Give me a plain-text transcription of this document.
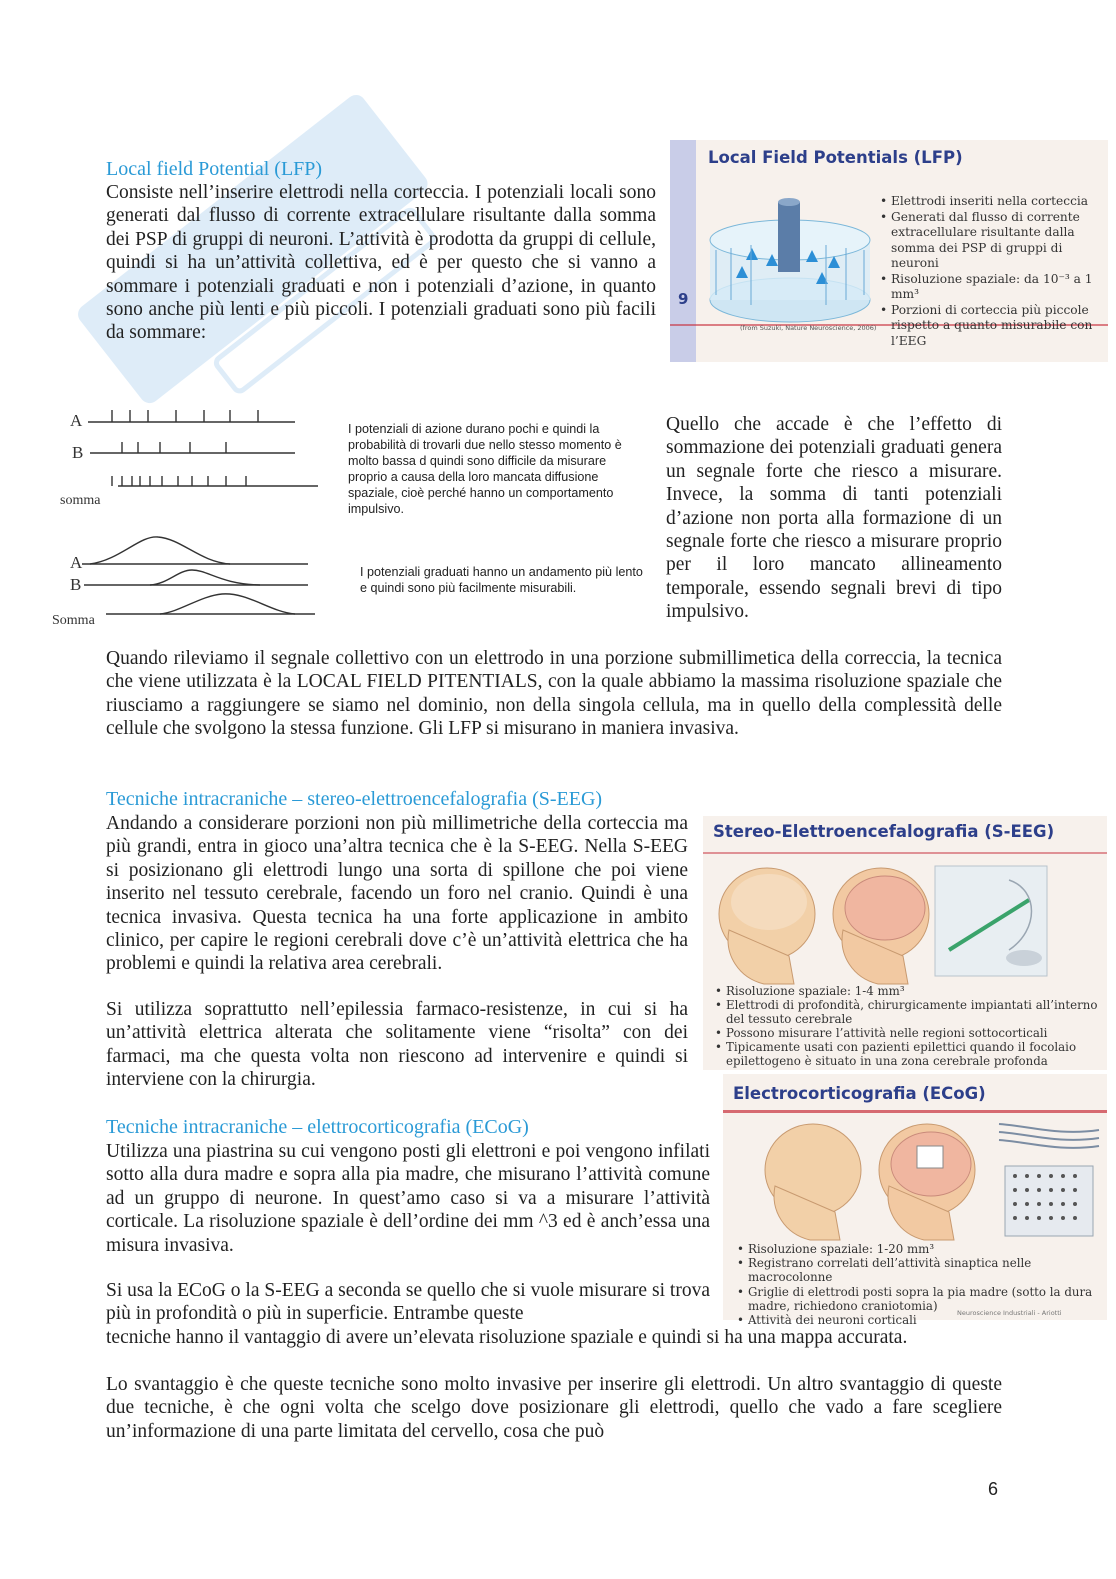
Local field Potential (LFP)

Consiste nell’inserire elettrodi nella corteccia. I potenziali locali sono generati dal flusso di corrente extracellulare risultante dalla somma dei PSP di gruppi di neuroni. L’attività è prodotta da gruppi di cellule, quindi si ha un’attività collettiva, ed è per questo che si vanno a sommare i potenziali graduati e non i potenziali d’azione, in quanto sono anche più lenti e più piccoli. I potenziali graduati sono più facili da sommare:

Local Field Potentials (LFP)
9
(from Suzuki, Nature Neuroscience, 2006)
• Elettrodi inseriti nella corteccia
• Generati dal flusso di corrente extracellulare risultante dalla somma dei PSP di gruppi di neuroni
• Risoluzione spaziale: da 10⁻³ a 1 mm³
• Porzioni di corteccia più piccole rispetto a quanto misurabile con l’EEG
A
B
somma
A
B
Somma
I potenziali di azione durano pochi e quindi la probabilità di trovarli due nello stesso momento è molto bassa d quindi sono difficile da misurare proprio a causa della loro mancata diffusione spaziale, cioè perché hanno un comportamento impulsivo.
I potenziali graduati hanno un andamento più lento e quindi sono più facilmente misurabili.

Quello che accade è che l’effetto di sommazione dei potenziali graduati genera un segnale forte che riesco a misurare. Invece, la somma di tanti potenziali d’azione non porta alla formazione di un segnale forte che riesco a misurare proprio per il loro mancato allineamento temporale, essendo segnali brevi di tipo impulsivo.

Quando rileviamo il segnale collettivo con un elettrodo in una porzione submillimetica della correccia, la tecnica che viene utilizzata è la LOCAL FIELD PITENTIALS, con la quale abbiamo la massima risoluzione spaziale che riusciamo a raggiungere se siamo nel dominio, non della singola cellula, ma in quello della complessità delle cellule che svolgono la stessa funzione. Gli LFP si misurano in maniera invasiva.

Tecniche intracraniche – stereo-elettroencefalografia (S-EEG)

Andando a considerare porzioni non più millimetriche della corteccia ma più grandi, entra in gioco una’altra tecnica che è la S-EEG. Nella S-EEG si posizionano gli elettrodi lungo una sorta di spillone che poi viene inserito nel tessuto cerebrale, facendo un foro nel cranio. Quindi è una tecnica invasiva. Questa tecnica ha una forte applicazione in ambito clinico, per capire le regioni cerebrali dove c’è un’attività elettrica che ha problemi e quindi la relativa area cerebrali.

Si utilizza soprattutto nell’epilessia farmaco-resistenze, in cui si ha un’attività elettrica alterata che solitamente viene “risolta” con dei farmaci, ma che questa volta non riescono ad intervenire e quindi si interviene con la chirurgia.

Stereo-Elettroencefalografia (S-EEG)
• Risoluzione spaziale: 1-4 mm³
• Elettrodi di profondità, chirurgicamente impiantati all’interno del tessuto cerebrale
• Possono misurare l’attività nelle regioni sottocorticali
• Tipicamente usati con pazienti epilettici quando il focolaio epilettogeno è situato in una zona cerebrale profonda
Tecniche intracraniche – elettrocorticografia (ECoG)

Utilizza una piastrina su cui vengono posti gli elettroni e poi vengono infilati sotto alla dura madre e sopra alla pia madre, che misurano l’attività comune ad un gruppo di neurone. In quest’amo caso si va a misurare l’attività corticale. La risoluzione spaziale è dell’ordine dei mm ^3 ed è anch’essa una misura invasiva.

Si usa la ECoG o la S-EEG a seconda se quello che si vuole misurare si trova più in profondità o più in superficie. Entrambe queste

tecniche hanno il vantaggio di avere un’elevata risoluzione spaziale e quindi si ha una mappa accurata.

Lo svantaggio è che queste tecniche sono molto invasive per inserire gli elettrodi. Un altro svantaggio di queste due tecniche, è che ogni volta che scelgo dove posizionare gli elettrodi, quello che vado a fare scegliere un’informazione di una parte limitata del cervello, cosa che può

Electrocorticografia (ECoG)
• Risoluzione spaziale: 1-20 mm³
• Registrano correlati dell’attività sinaptica nelle macrocolonne
• Griglie di elettrodi posti sopra la pia madre (sotto la dura madre, richiedono craniotomia)
• Attività dei neuroni corticali
Neuroscience Industriali - Ariotti
6
